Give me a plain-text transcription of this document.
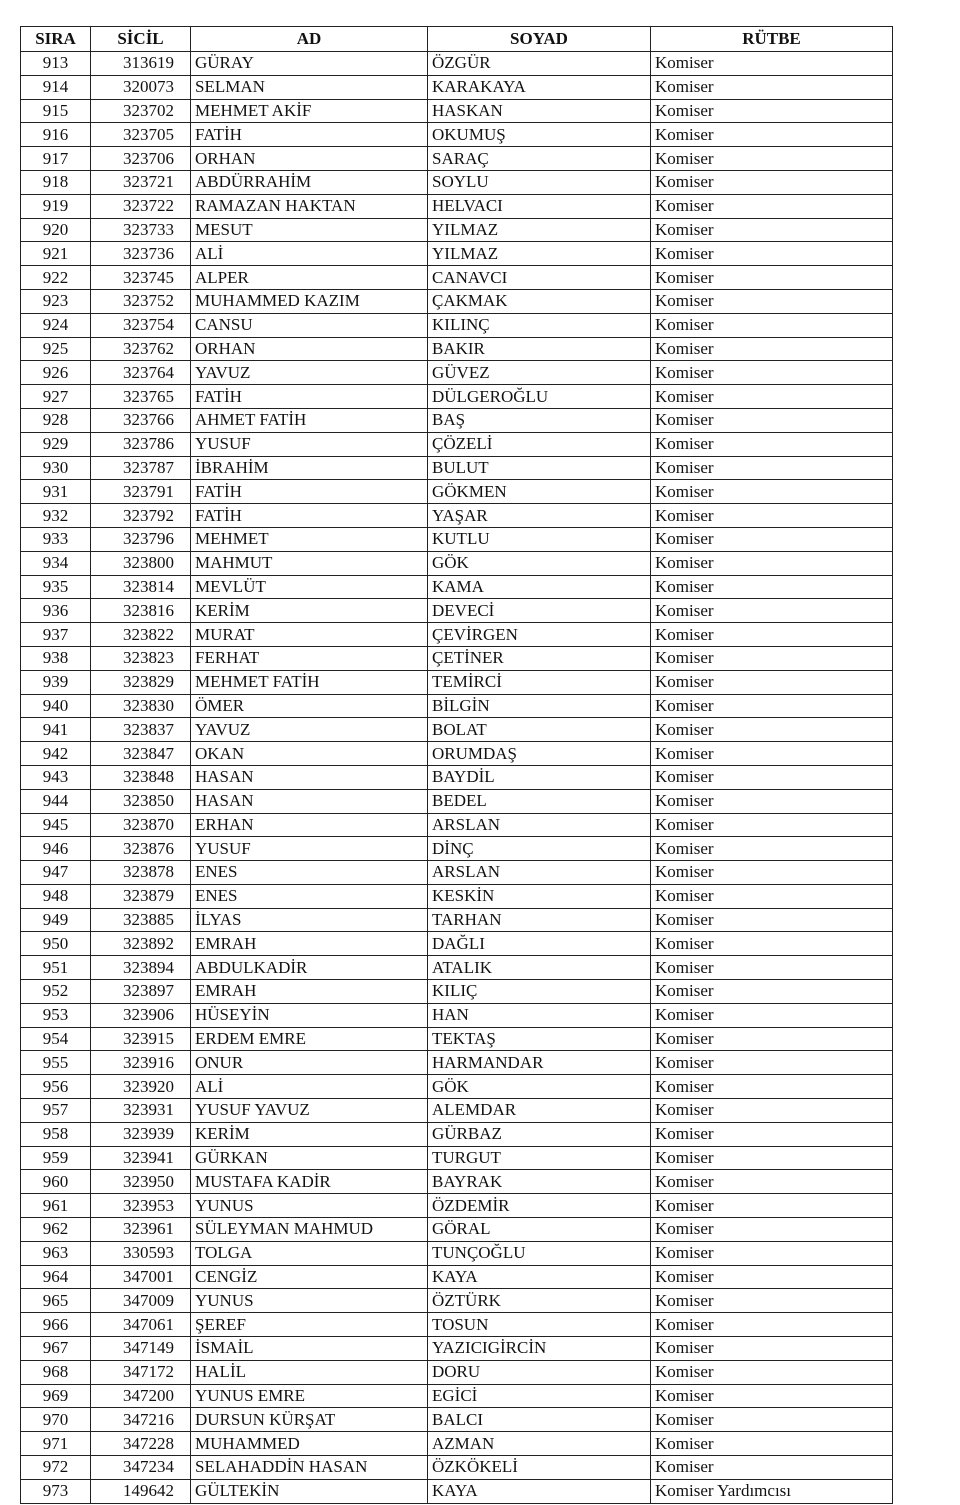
SIRA	SİCİL	AD	SOYAD	RÜTBE
913	313619	GÜRAY	ÖZGÜR	Komiser
914	320073	SELMAN	KARAKAYA	Komiser
915	323702	MEHMET AKİF	HASKAN	Komiser
916	323705	FATİH	OKUMUŞ	Komiser
917	323706	ORHAN	SARAÇ	Komiser
918	323721	ABDÜRRAHİM	SOYLU	Komiser
919	323722	RAMAZAN HAKTAN	HELVACI	Komiser
920	323733	MESUT	YILMAZ	Komiser
921	323736	ALİ	YILMAZ	Komiser
922	323745	ALPER	CANAVCI	Komiser
923	323752	MUHAMMED KAZIM	ÇAKMAK	Komiser
924	323754	CANSU	KILINÇ	Komiser
925	323762	ORHAN	BAKIR	Komiser
926	323764	YAVUZ	GÜVEZ	Komiser
927	323765	FATİH	DÜLGEROĞLU	Komiser
928	323766	AHMET FATİH	BAŞ	Komiser
929	323786	YUSUF	ÇÖZELİ	Komiser
930	323787	İBRAHİM	BULUT	Komiser
931	323791	FATİH	GÖKMEN	Komiser
932	323792	FATİH	YAŞAR	Komiser
933	323796	MEHMET	KUTLU	Komiser
934	323800	MAHMUT	GÖK	Komiser
935	323814	MEVLÜT	KAMA	Komiser
936	323816	KERİM	DEVECİ	Komiser
937	323822	MURAT	ÇEVİRGEN	Komiser
938	323823	FERHAT	ÇETİNER	Komiser
939	323829	MEHMET FATİH	TEMİRCİ	Komiser
940	323830	ÖMER	BİLGİN	Komiser
941	323837	YAVUZ	BOLAT	Komiser
942	323847	OKAN	ORUMDAŞ	Komiser
943	323848	HASAN	BAYDİL	Komiser
944	323850	HASAN	BEDEL	Komiser
945	323870	ERHAN	ARSLAN	Komiser
946	323876	YUSUF	DİNÇ	Komiser
947	323878	ENES	ARSLAN	Komiser
948	323879	ENES	KESKİN	Komiser
949	323885	İLYAS	TARHAN	Komiser
950	323892	EMRAH	DAĞLI	Komiser
951	323894	ABDULKADİR	ATALIK	Komiser
952	323897	EMRAH	KILIÇ	Komiser
953	323906	HÜSEYİN	HAN	Komiser
954	323915	ERDEM EMRE	TEKTAŞ	Komiser
955	323916	ONUR	HARMANDAR	Komiser
956	323920	ALİ	GÖK	Komiser
957	323931	YUSUF YAVUZ	ALEMDAR	Komiser
958	323939	KERİM	GÜRBAZ	Komiser
959	323941	GÜRKAN	TURGUT	Komiser
960	323950	MUSTAFA KADİR	BAYRAK	Komiser
961	323953	YUNUS	ÖZDEMİR	Komiser
962	323961	SÜLEYMAN MAHMUD	GÖRAL	Komiser
963	330593	TOLGA	TUNÇOĞLU	Komiser
964	347001	CENGİZ	KAYA	Komiser
965	347009	YUNUS	ÖZTÜRK	Komiser
966	347061	ŞEREF	TOSUN	Komiser
967	347149	İSMAİL	YAZICIGİRCİN	Komiser
968	347172	HALİL	DORU	Komiser
969	347200	YUNUS EMRE	EGİCİ	Komiser
970	347216	DURSUN KÜRŞAT	BALCI	Komiser
971	347228	MUHAMMED	AZMAN	Komiser
972	347234	SELAHADDİN HASAN	ÖZKÖKELİ	Komiser
973	149642	GÜLTEKİN	KAYA	Komiser Yardımcısı
